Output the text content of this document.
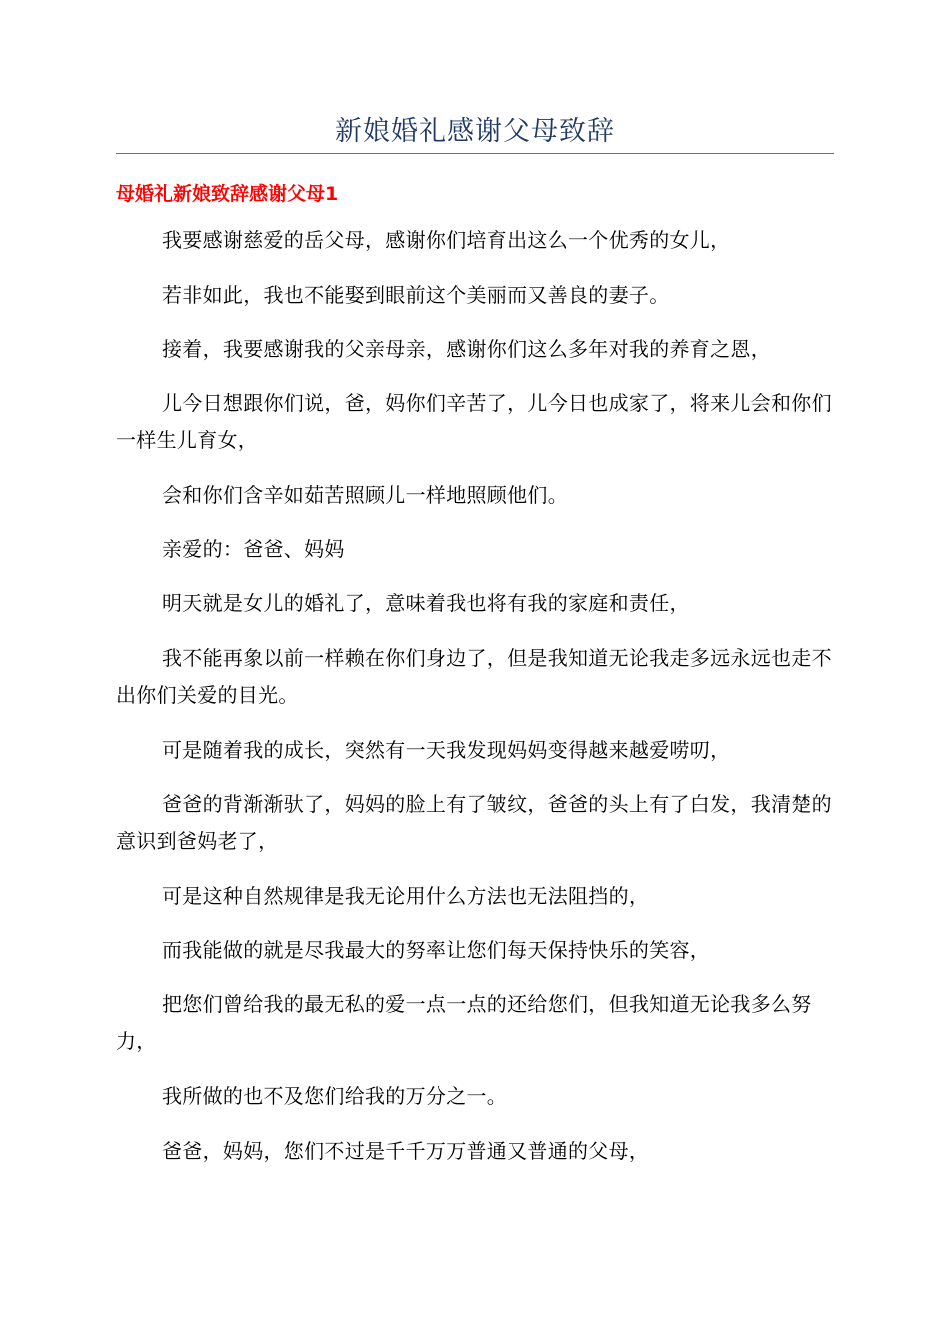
新娘婚礼感谢父母致辞
母婚礼新娘致辞感谢父母1

我要感谢慈爱的岳父母，感谢你们培育出这么一个优秀的女儿，

若非如此，我也不能娶到眼前这个美丽而又善良的妻子。

接着，我要感谢我的父亲母亲，感谢你们这么多年对我的养育之恩，

儿今日想跟你们说，爸，妈你们辛苦了，儿今日也成家了，将来儿会和你们一样生儿育女，

会和你们含辛如茹苦照顾儿一样地照顾他们。

亲爱的：爸爸、妈妈

明天就是女儿的婚礼了，意味着我也将有我的家庭和责任，

我不能再象以前一样赖在你们身边了，但是我知道无论我走多远永远也走不出你们关爱的目光。

可是随着我的成长，突然有一天我发现妈妈变得越来越爱唠叨，

爸爸的背渐渐驮了，妈妈的脸上有了皱纹，爸爸的头上有了白发，我清楚的意识到爸妈老了，

可是这种自然规律是我无论用什么方法也无法阻挡的，

而我能做的就是尽我最大的努率让您们每天保持快乐的笑容，

把您们曾给我的最无私的爱一点一点的还给您们，但我知道无论我多么努力，

我所做的也不及您们给我的万分之一。

爸爸，妈妈，您们不过是千千万万普通又普通的父母，
